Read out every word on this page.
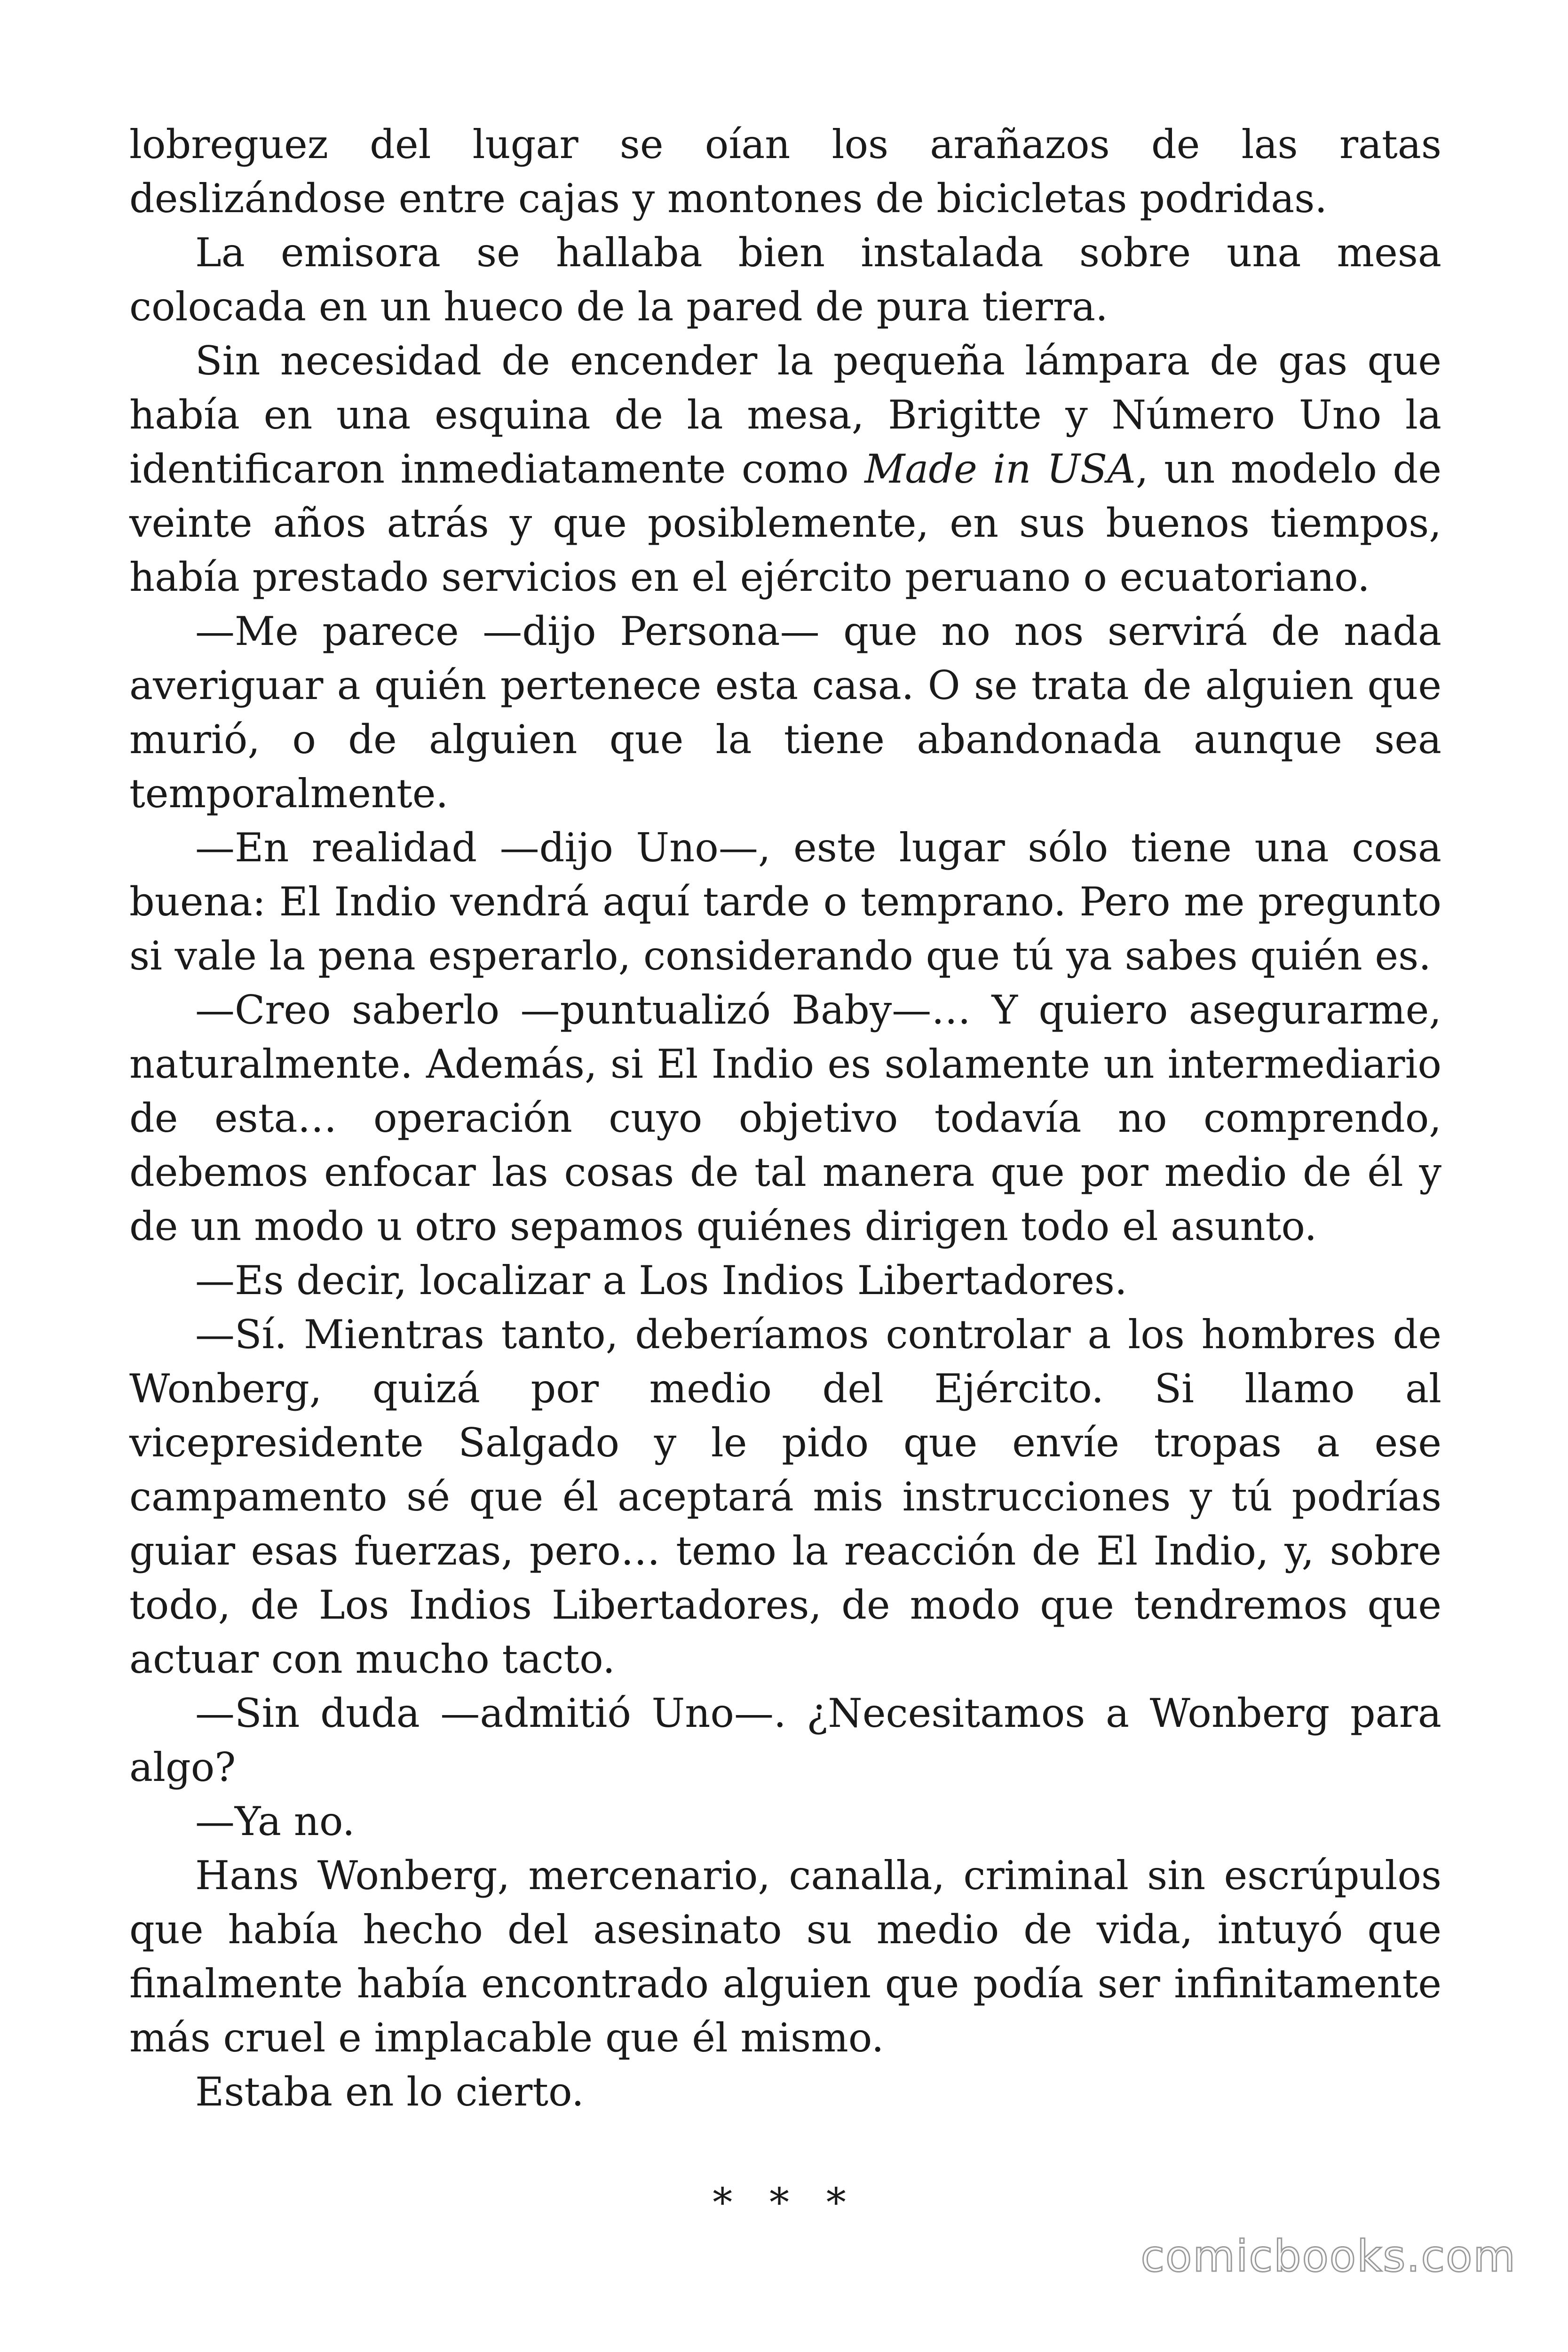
lobreguez del lugar se oían los arañazos de las ratas deslizándose entre cajas y montones de bicicletas podridas.

La emisora se hallaba bien instalada sobre una mesa colocada en un hueco de la pared de pura tierra.

Sin necesidad de encender la pequeña lámpara de gas que había en una esquina de la mesa, Brigitte y Número Uno la identificaron inmediatamente como Made in USA, un modelo de veinte años atrás y que posiblemente, en sus buenos tiempos, había prestado servicios en el ejército peruano o ecuatoriano.

—Me parece —dijo Persona— que no nos servirá de nada averiguar a quién pertenece esta casa. O se trata de alguien que murió, o de alguien que la tiene abandonada aunque sea temporalmente.

—En realidad —dijo Uno—, este lugar sólo tiene una cosa buena: El Indio vendrá aquí tarde o temprano. Pero me pregunto si vale la pena esperarlo, considerando que tú ya sabes quién es.

—Creo saberlo —puntualizó Baby—… Y quiero asegurarme, naturalmente. Además, si El Indio es solamente un intermediario de esta… operación cuyo objetivo todavía no comprendo, debemos enfocar las cosas de tal manera que por medio de él y de un modo u otro sepamos quiénes dirigen todo el asunto.

—Es decir, localizar a Los Indios Libertadores.

—Sí. Mientras tanto, deberíamos controlar a los hombres de Wonberg, quizá por medio del Ejército. Si llamo al vicepresidente Salgado y le pido que envíe tropas a ese campamento sé que él aceptará mis instrucciones y tú podrías guiar esas fuerzas, pero… temo la reacción de El Indio, y, sobre todo, de Los Indios Libertadores, de modo que tendremos que actuar con mucho tacto.

—Sin duda —admitió Uno—. ¿Necesitamos a Wonberg para algo?

—Ya no.

Hans Wonberg, mercenario, canalla, criminal sin escrúpulos que había hecho del asesinato su medio de vida, intuyó que finalmente había encontrado alguien que podía ser infinitamente más cruel e implacable que él mismo.

Estaba en lo cierto.

* * *
comicbooks.com
